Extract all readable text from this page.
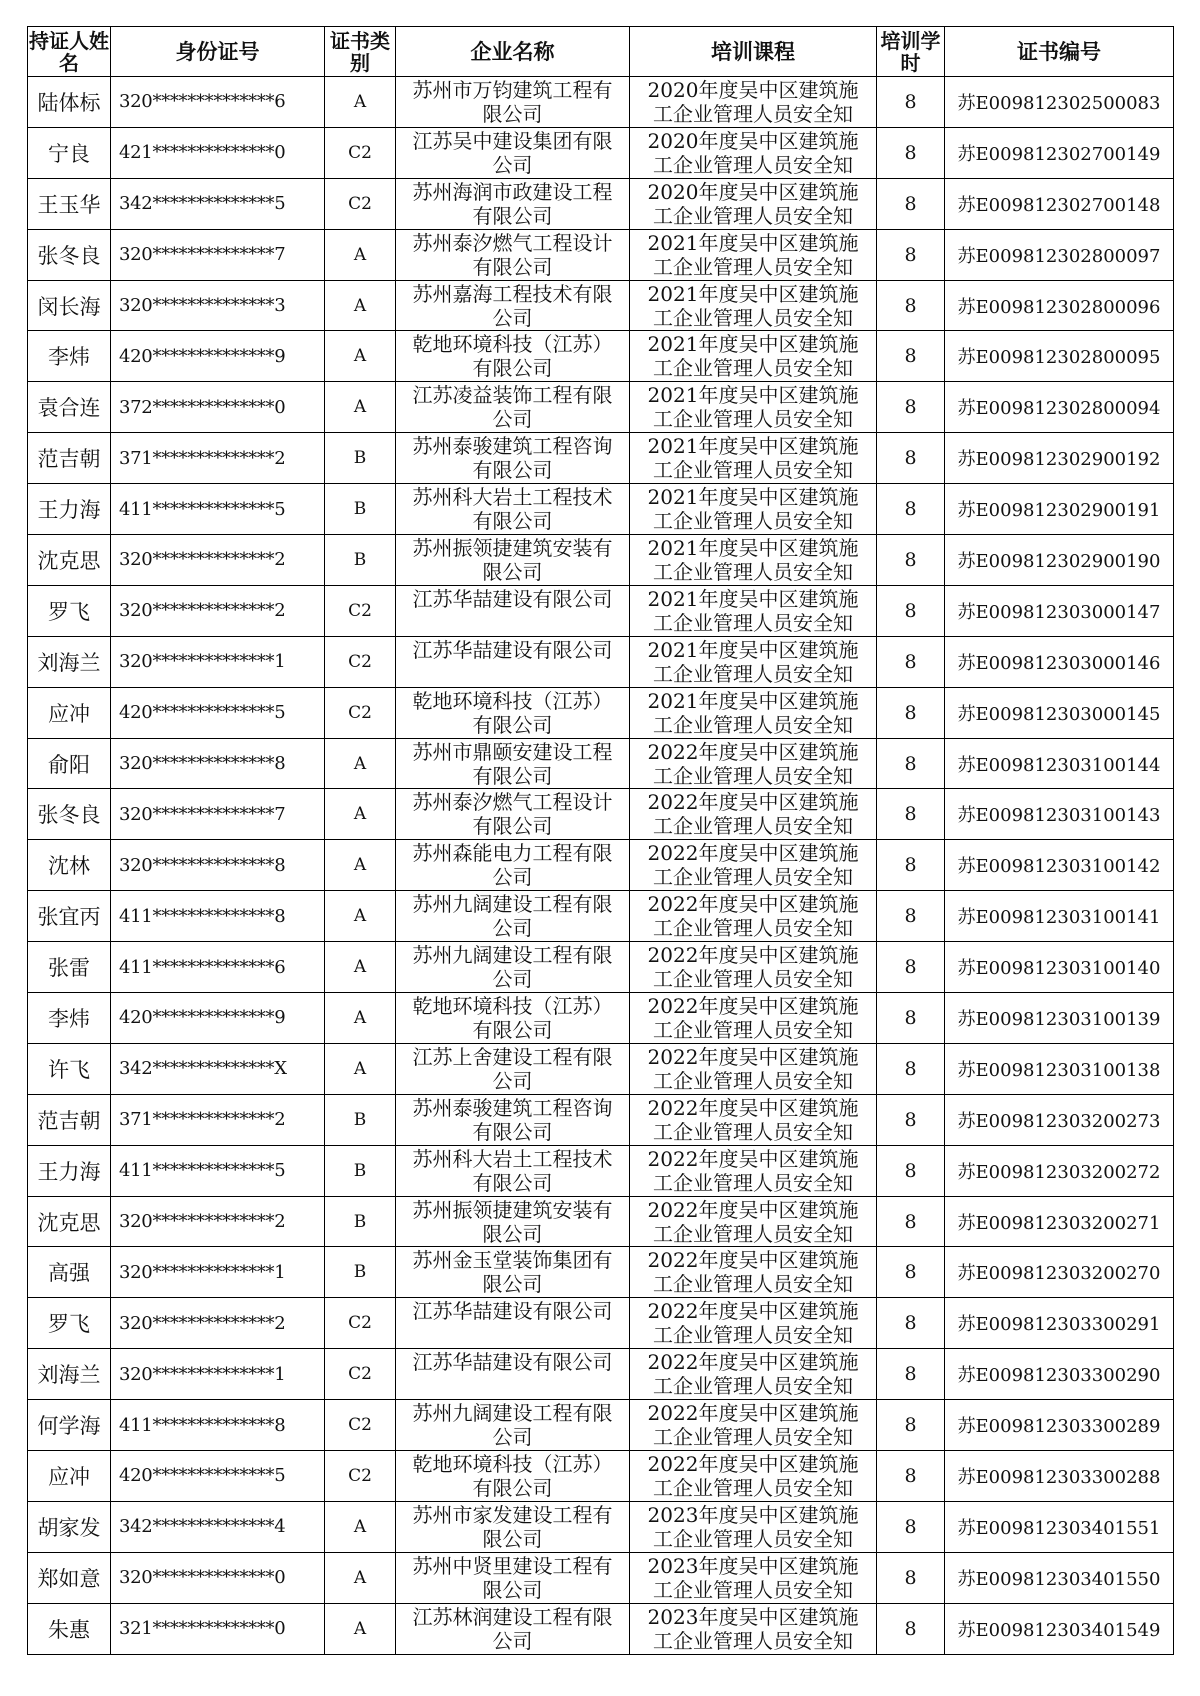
持证人姓名	身份证号	证书类别	企业名称	培训课程	培训学时	证书编号
陆体标	320**************6	A	苏州市万钧建筑工程有限公司	2020年度吴中区建筑施工企业管理人员安全知	8	苏E009812302500083
宁良	421**************0	C2	江苏吴中建设集团有限公司	2020年度吴中区建筑施工企业管理人员安全知	8	苏E009812302700149
王玉华	342**************5	C2	苏州海润市政建设工程有限公司	2020年度吴中区建筑施工企业管理人员安全知	8	苏E009812302700148
张冬良	320**************7	A	苏州泰汐燃气工程设计有限公司	2021年度吴中区建筑施工企业管理人员安全知	8	苏E009812302800097
闵长海	320**************3	A	苏州嘉海工程技术有限公司	2021年度吴中区建筑施工企业管理人员安全知	8	苏E009812302800096
李炜	420**************9	A	乾地环境科技（江苏）有限公司	2021年度吴中区建筑施工企业管理人员安全知	8	苏E009812302800095
袁合连	372**************0	A	江苏凌益装饰工程有限公司	2021年度吴中区建筑施工企业管理人员安全知	8	苏E009812302800094
范吉朝	371**************2	B	苏州泰骏建筑工程咨询有限公司	2021年度吴中区建筑施工企业管理人员安全知	8	苏E009812302900192
王力海	411**************5	B	苏州科大岩土工程技术有限公司	2021年度吴中区建筑施工企业管理人员安全知	8	苏E009812302900191
沈克思	320**************2	B	苏州振领捷建筑安装有限公司	2021年度吴中区建筑施工企业管理人员安全知	8	苏E009812302900190
罗飞	320**************2	C2	江苏华喆建设有限公司	2021年度吴中区建筑施工企业管理人员安全知	8	苏E009812303000147
刘海兰	320**************1	C2	江苏华喆建设有限公司	2021年度吴中区建筑施工企业管理人员安全知	8	苏E009812303000146
应冲	420**************5	C2	乾地环境科技（江苏）有限公司	2021年度吴中区建筑施工企业管理人员安全知	8	苏E009812303000145
俞阳	320**************8	A	苏州市鼎颐安建设工程有限公司	2022年度吴中区建筑施工企业管理人员安全知	8	苏E009812303100144
张冬良	320**************7	A	苏州泰汐燃气工程设计有限公司	2022年度吴中区建筑施工企业管理人员安全知	8	苏E009812303100143
沈林	320**************8	A	苏州森能电力工程有限公司	2022年度吴中区建筑施工企业管理人员安全知	8	苏E009812303100142
张宜丙	411**************8	A	苏州九阔建设工程有限公司	2022年度吴中区建筑施工企业管理人员安全知	8	苏E009812303100141
张雷	411**************6	A	苏州九阔建设工程有限公司	2022年度吴中区建筑施工企业管理人员安全知	8	苏E009812303100140
李炜	420**************9	A	乾地环境科技（江苏）有限公司	2022年度吴中区建筑施工企业管理人员安全知	8	苏E009812303100139
许飞	342**************X	A	江苏上舍建设工程有限公司	2022年度吴中区建筑施工企业管理人员安全知	8	苏E009812303100138
范吉朝	371**************2	B	苏州泰骏建筑工程咨询有限公司	2022年度吴中区建筑施工企业管理人员安全知	8	苏E009812303200273
王力海	411**************5	B	苏州科大岩土工程技术有限公司	2022年度吴中区建筑施工企业管理人员安全知	8	苏E009812303200272
沈克思	320**************2	B	苏州振领捷建筑安装有限公司	2022年度吴中区建筑施工企业管理人员安全知	8	苏E009812303200271
高强	320**************1	B	苏州金玉堂装饰集团有限公司	2022年度吴中区建筑施工企业管理人员安全知	8	苏E009812303200270
罗飞	320**************2	C2	江苏华喆建设有限公司	2022年度吴中区建筑施工企业管理人员安全知	8	苏E009812303300291
刘海兰	320**************1	C2	江苏华喆建设有限公司	2022年度吴中区建筑施工企业管理人员安全知	8	苏E009812303300290
何学海	411**************8	C2	苏州九阔建设工程有限公司	2022年度吴中区建筑施工企业管理人员安全知	8	苏E009812303300289
应冲	420**************5	C2	乾地环境科技（江苏）有限公司	2022年度吴中区建筑施工企业管理人员安全知	8	苏E009812303300288
胡家发	342**************4	A	苏州市家发建设工程有限公司	2023年度吴中区建筑施工企业管理人员安全知	8	苏E009812303401551
郑如意	320**************0	A	苏州中贤里建设工程有限公司	2023年度吴中区建筑施工企业管理人员安全知	8	苏E009812303401550
朱惠	321**************0	A	江苏林润建设工程有限公司	2023年度吴中区建筑施工企业管理人员安全知	8	苏E009812303401549
